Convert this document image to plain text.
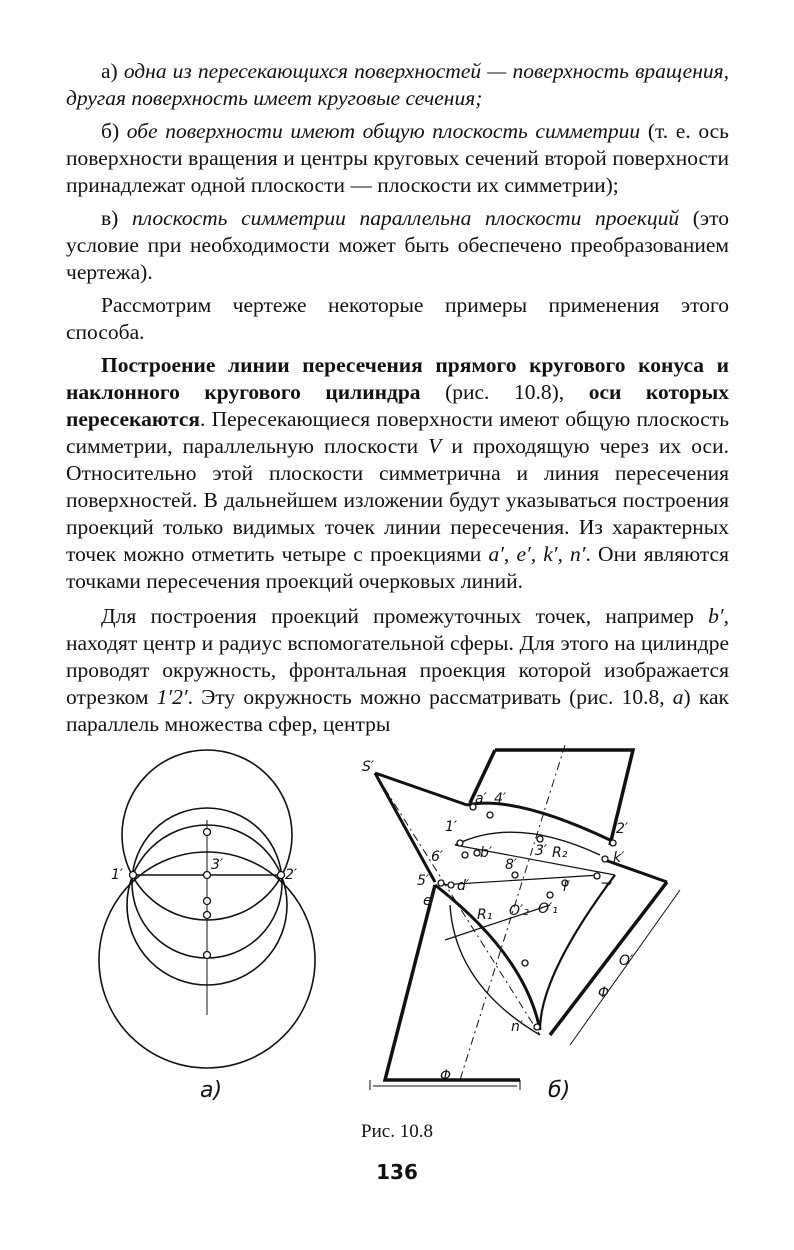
а) одна из пересекающихся поверхностей — поверхность вращения, другая поверхность имеет круговые сечения;

б) обе поверхности имеют общую плоскость симметрии (т. е. ось поверхности вращения и центры круговых сечений второй поверхности принадлежат одной плоскости — плоскости их симметрии);

в) плоскость симметрии параллельна плоскости проекций (это условие при необходимости может быть обеспечено преобразованием чертежа).

Рассмотрим чертеже некоторые примеры применения этого способа.

Построение линии пересечения прямого кругового конуса и наклонного кругового цилиндра (рис. 10.8), оси которых пересекаются. Пересекающиеся поверхности имеют общую плоскость симметрии, параллельную плоскости V и проходящую через их оси. Относительно этой плоскости симметрична и линия пересечения поверхностей. В дальнейшем изложении будут указываться построения проекций только видимых точек линии пересечения. Из характерных точек можно отметить четыре с проекциями a′, e′, k′, n′. Они являются точками пересечения проекций очерковых линий.

Для построения проекций промежуточных точек, например b′, находят центр и радиус вспомогательной сферы. Для этого на цилиндре проводят окружность, фронтальная проекция которой изображается отрезком 1′2′. Эту окружность можно рассматривать (рис. 10.8, а) как параллель множества сфер, центры

1′
3′
2′
S′
a′ 4′
1′	2′
6′	b′	3′ R₂	k′
8′
5′ d′
e′
l′ 7′
R₁ O′₂ O′₁
O′
n′
Φ
Φ
а)	б)
Рис. 10.8
136
